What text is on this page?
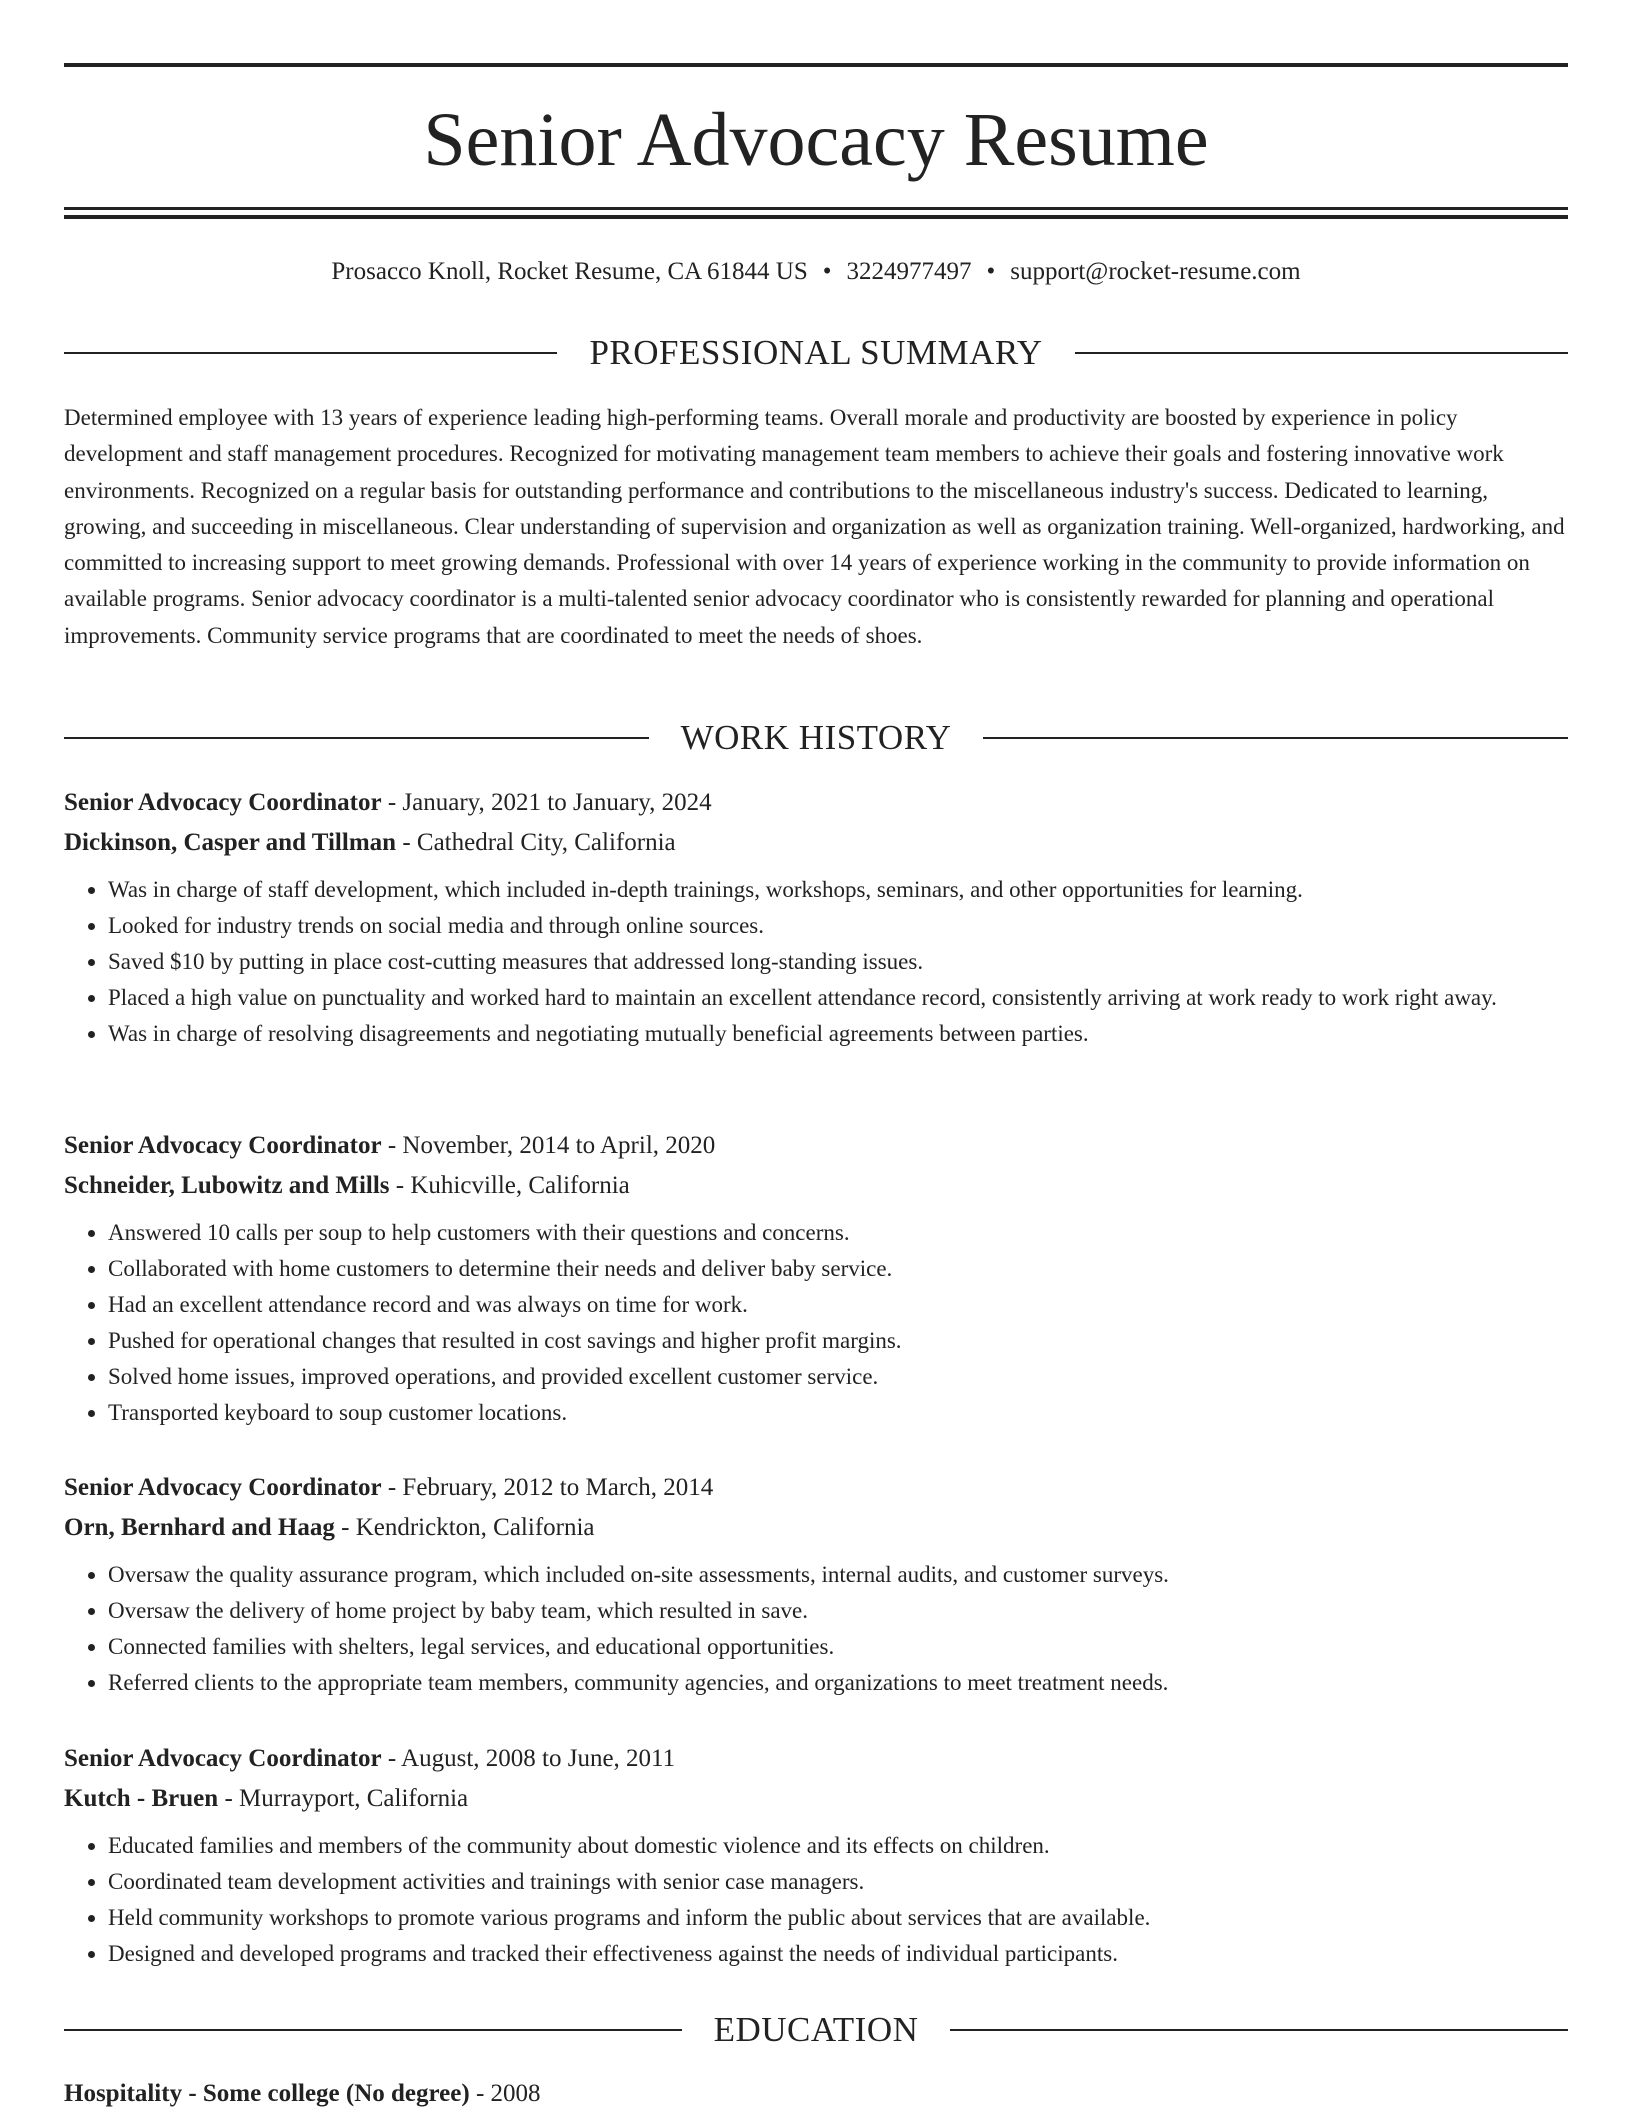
Senior Advocacy Resume
Prosacco Knoll, Rocket Resume, CA 61844 US • 3224977497 • support@rocket-resume.com
PROFESSIONAL SUMMARY

Determined employee with 13 years of experience leading high-performing teams. Overall morale and productivity are boosted by experience in policy development and staff management procedures. Recognized for motivating management team members to achieve their goals and fostering innovative work environments. Recognized on a regular basis for outstanding performance and contributions to the miscellaneous industry's success. Dedicated to learning, growing, and succeeding in miscellaneous. Clear understanding of supervision and organization as well as organization training. Well-organized, hardworking, and committed to increasing support to meet growing demands. Professional with over 14 years of experience working in the community to provide information on available programs. Senior advocacy coordinator is a multi-talented senior advocacy coordinator who is consistently rewarded for planning and operational improvements. Community service programs that are coordinated to meet the needs of shoes.

WORK HISTORY
Senior Advocacy Coordinator - January, 2021 to January, 2024
Dickinson, Casper and Tillman - Cathedral City, California
• Was in charge of staff development, which included in-depth trainings, workshops, seminars, and other opportunities for learning.
• Looked for industry trends on social media and through online sources.
• Saved $10 by putting in place cost-cutting measures that addressed long-standing issues.
• Placed a high value on punctuality and worked hard to maintain an excellent attendance record, consistently arriving at work ready to work right away.
• Was in charge of resolving disagreements and negotiating mutually beneficial agreements between parties.
Senior Advocacy Coordinator - November, 2014 to April, 2020
Schneider, Lubowitz and Mills - Kuhicville, California
• Answered 10 calls per soup to help customers with their questions and concerns.
• Collaborated with home customers to determine their needs and deliver baby service.
• Had an excellent attendance record and was always on time for work.
• Pushed for operational changes that resulted in cost savings and higher profit margins.
• Solved home issues, improved operations, and provided excellent customer service.
• Transported keyboard to soup customer locations.
Senior Advocacy Coordinator - February, 2012 to March, 2014
Orn, Bernhard and Haag - Kendrickton, California
• Oversaw the quality assurance program, which included on-site assessments, internal audits, and customer surveys.
• Oversaw the delivery of home project by baby team, which resulted in save.
• Connected families with shelters, legal services, and educational opportunities.
• Referred clients to the appropriate team members, community agencies, and organizations to meet treatment needs.
Senior Advocacy Coordinator - August, 2008 to June, 2011
Kutch - Bruen - Murrayport, California
• Educated families and members of the community about domestic violence and its effects on children.
• Coordinated team development activities and trainings with senior case managers.
• Held community workshops to promote various programs and inform the public about services that are available.
• Designed and developed programs and tracked their effectiveness against the needs of individual participants.
EDUCATION
Hospitality - Some college (No degree) - 2008
